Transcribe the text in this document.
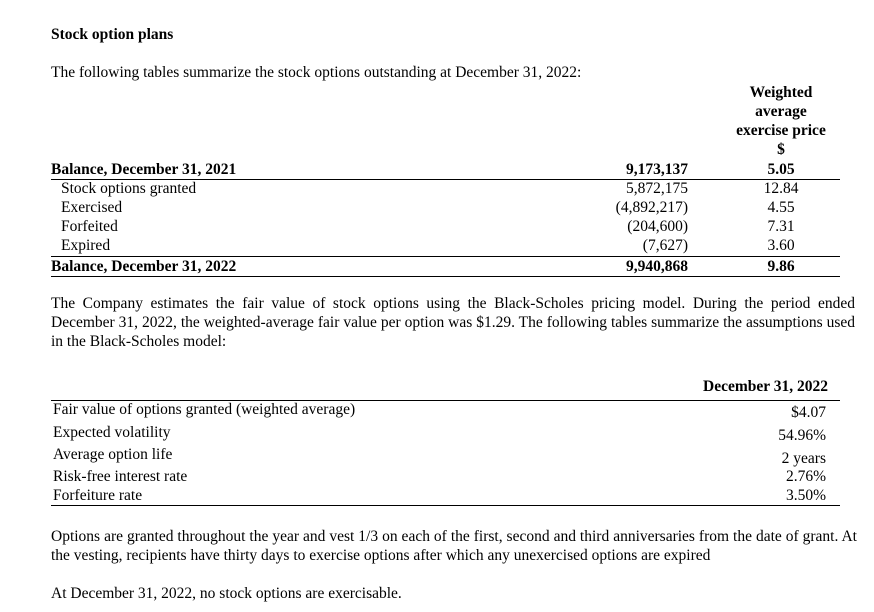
Stock option plans
The following tables summarize the stock options outstanding at December 31, 2022:
Weighted
average
exercise price
$
Balance, December 31, 2021	9,173,137	5.05
Stock options granted	5,872,175	12.84
Exercised	(4,892,217)	4.55
Forfeited	(204,600)	7.31
Expired	(7,627)	3.60
Balance, December 31, 2022	9,940,868	9.86
The Company estimates the fair value of stock options using the Black-Scholes pricing model. During the period ended December 31, 2022, the weighted-average fair value per option was $1.29. The following tables summarize the assumptions used in the Black-Scholes model:
December 31, 2022
Fair value of options granted (weighted average)	$4.07
Expected volatility	54.96%
Average option life	2 years
Risk-free interest rate	2.76%
Forfeiture rate	3.50%
Options are granted throughout the year and vest 1/3 on each of the first, second and third anniversaries from the date of grant. At the vesting, recipients have thirty days to exercise options after which any unexercised options are expired
At December 31, 2022, no stock options are exercisable.
